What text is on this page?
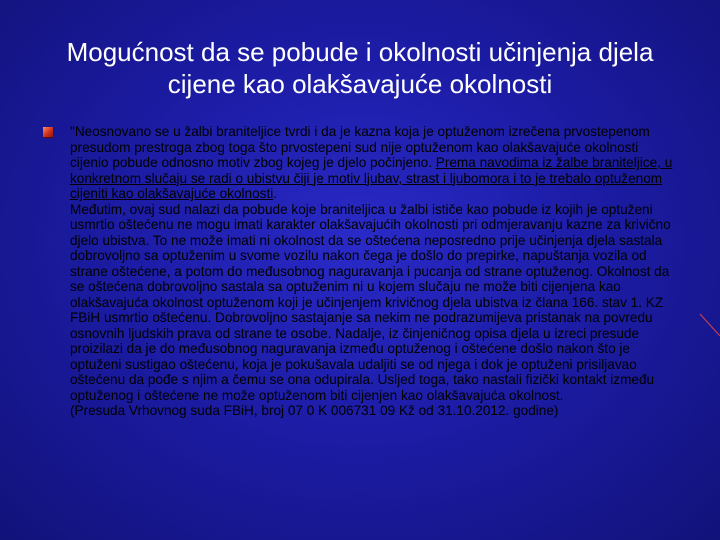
Mogućnost da se pobude i okolnosti učinjenja djela
cijene kao olakšavajuće okolnosti

"Neosnovano se u žalbi braniteljice tvrdi i da je kazna koja je optuženom izrečena prvostepenom presudom prestroga zbog toga što prvostepeni sud nije optuženom kao olakšavajuće okolnosti cijenio pobude odnosno motiv zbog kojeg je djelo počinjeno. Prema navodima iz žalbe braniteljice, u konkretnom slučaju se radi o ubistvu čiji je motiv ljubav, strast i ljubomora i to je trebalo optuženom cijeniti kao olakšavajuće okolnosti.

Međutim, ovaj sud nalazi da pobude koje braniteljica u žalbi ističe kao pobude iz kojih je optuženi usmrtio oštećenu ne mogu imati karakter olakšavajućih okolnosti pri odmjeravanju kazne za krivično djelo ubistva. To ne može imati ni okolnost da se oštećena neposredno prije učinjenja djela sastala dobrovoljno sa optuženim u svome vozilu nakon čega je došlo do prepirke, napuštanja vozila od strane oštećene, a potom do međusobnog naguravanja i pucanja od strane optuženog. Okolnost da se oštećena dobrovoljno sastala sa optuženim ni u kojem slučaju ne može biti cijenjena kao olakšavajuća okolnost optuženom koji je učinjenjem krivičnog djela ubistva iz člana 166. stav 1. KZ FBiH usmrtio oštećenu. Dobrovoljno sastajanje sa nekim ne podrazumijeva pristanak na povredu osnovnih ljudskih prava od strane te osobe. Nadalje, iz činjeničnog opisa djela u izreci presude proizilazi da je do međusobnog naguravanja između optuženog i oštećene došlo nakon što je optuženi sustigao oštećenu, koja je pokušavala udaljiti se od njega i dok je optuženi prisiljavao oštećenu da pođe s njim a čemu se ona odupirala. Usljed toga, tako nastali fizički kontakt između optuženog i oštećene ne može optuženom biti cijenjen kao olakšavajuća okolnost.

(Presuda Vrhovnog suda FBiH, broj 07 0 K 006731 09 Kž od 31.10.2012. godine)
